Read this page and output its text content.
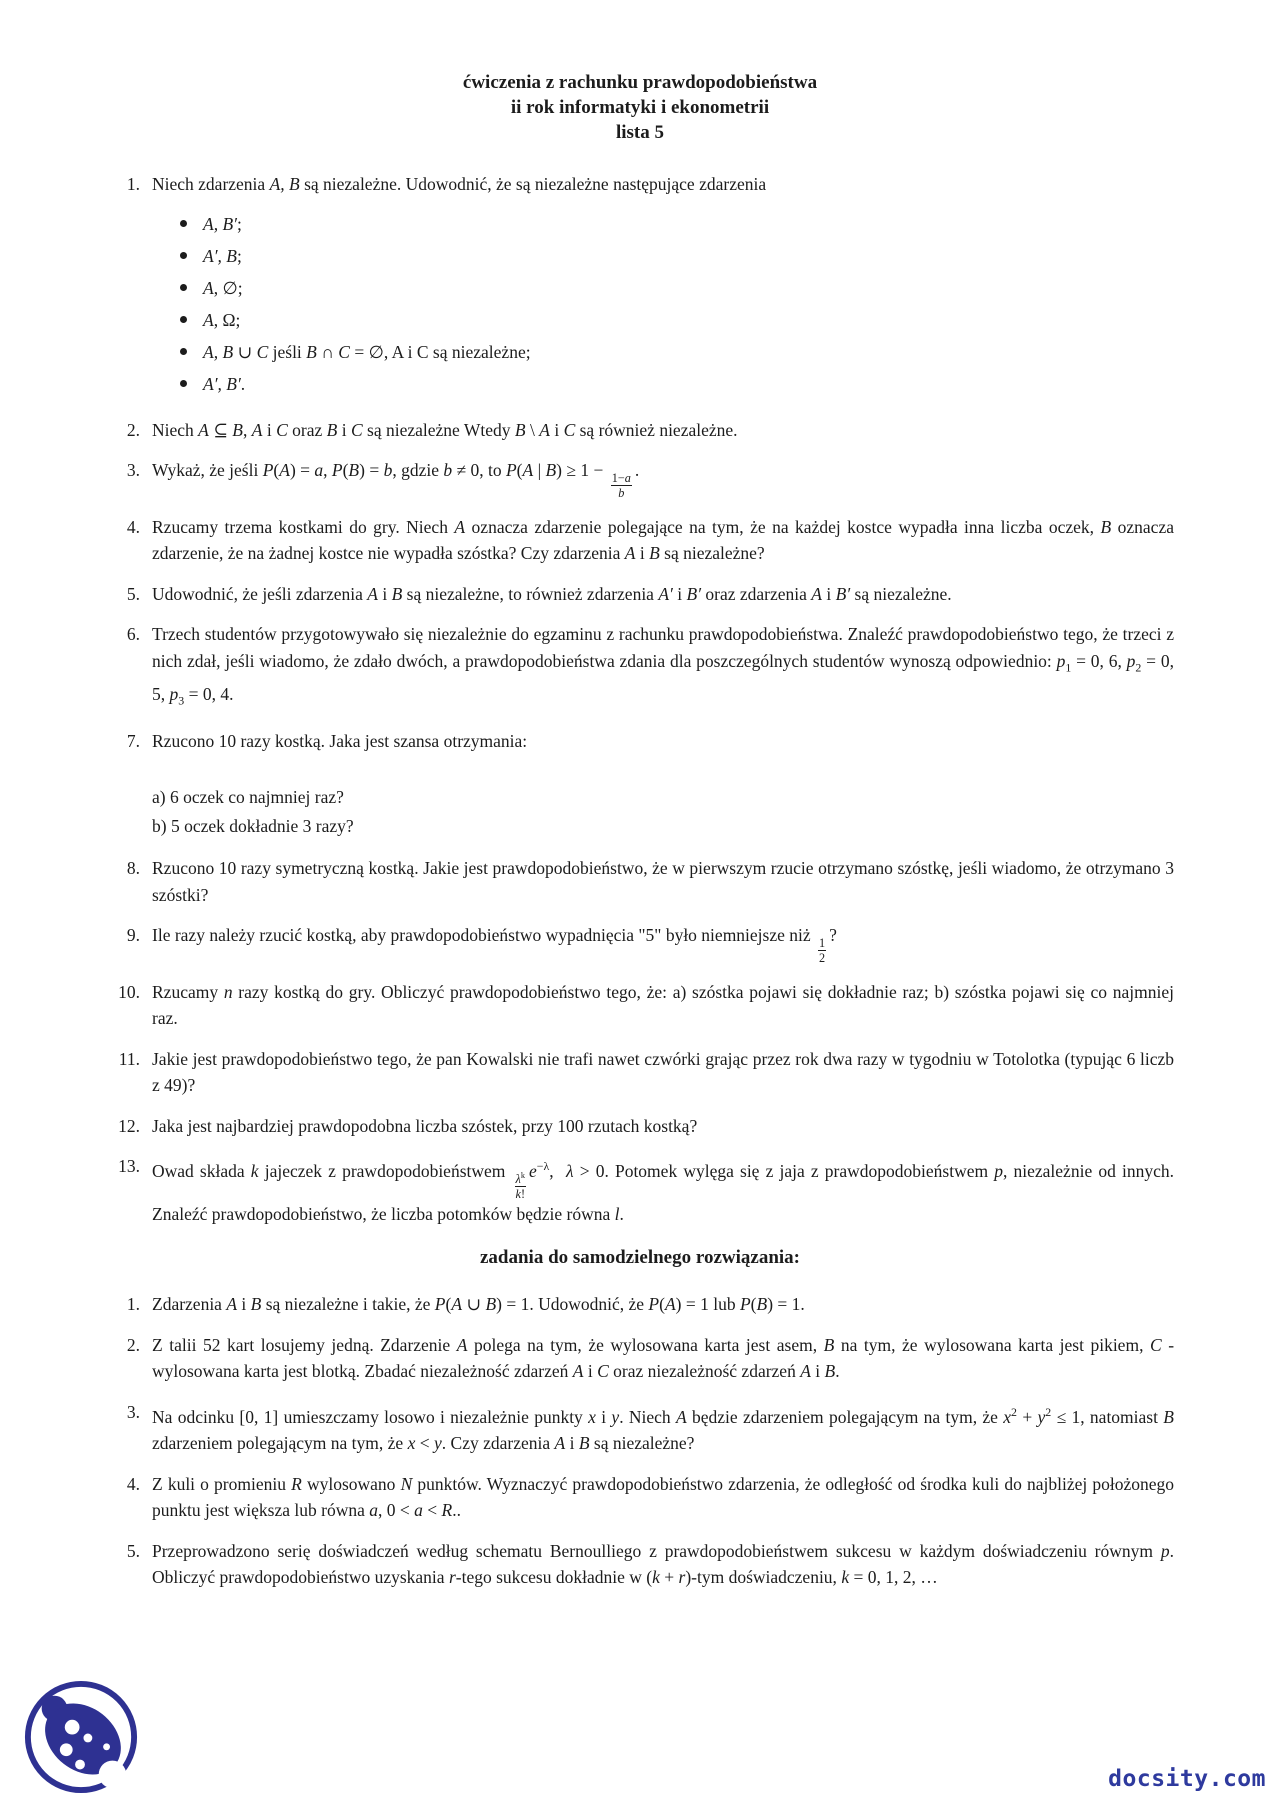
ćwiczenia z rachunku prawdopodobieństwa
ii rok informatyki i ekonometrii
lista 5
1. Niech zdarzenia A, B są niezależne. Udowodnić, że są niezależne następujące zdarzenia
A, B′;
A′, B;
A, ∅;
A, Ω;
A, B ∪ C jeśli B ∩ C = ∅, A i C są niezależne;
A′, B′.
2. Niech A ⊆ B, A i C oraz B i C są niezależne Wtedy B \ A i C są również niezależne.
3. Wykaż, że jeśli P(A) = a, P(B) = b, gdzie b ≠ 0, to P(A | B) ≥ 1 −
$\frac{1-a}{b}$
.
4. Rzucamy trzema kostkami do gry. Niech A oznacza zdarzenie polegające na tym, że na każdej kostce wypadła inna liczba oczek, B oznacza zdarzenie, że na żadnej kostce nie wypadła szóstka? Czy zdarzenia A i B są niezależne?
5. Udowodnić, że jeśli zdarzenia A i B są niezależne, to również zdarzenia A′ i B′ oraz zdarzenia A i B′ są niezależne.
6. Trzech studentów przygotowywało się niezależnie do egzaminu z rachunku prawdopodobieństwa. Znaleźć prawdopodobieństwo tego, że trzeci z nich zdał, jeśli wiadomo, że zdało dwóch, a prawdopodobieństwa zdania dla poszczególnych studentów wynoszą odpowiednio: $p_1 = 0$, 6, $p_2 = 0$, 5, $p_3 = 0$, 4.
7. Rzucono 10 razy kostką. Jaka jest szansa otrzymania:
a) 6 oczek co najmniej raz?
b) 5 oczek dokładnie 3 razy?
8. Rzucono 10 razy symetryczną kostką. Jakie jest prawdopodobieństwo, że w pierwszym rzucie otrzymano szóstkę, jeśli wiadomo, że otrzymano 3 szóstki?
9. Ile razy należy rzucić kostką, aby prawdopodobieństwo wypadnięcia "5" było niemniejsze niż
$\frac{1}{2}$
?
10. Rzucamy n razy kostką do gry. Obliczyć prawdopodobieństwo tego, że: a) szóstka pojawi się dokładnie raz; b) szóstka pojawi się co najmniej raz.
11. Jakie jest prawdopodobieństwo tego, że pan Kowalski nie trafi nawet czwórki grając przez rok dwa razy w tygodniu w Totolotka (typując 6 liczb z 49)?
12. Jaka jest najbardziej prawdopodobna liczba szóstek, przy 100 rzutach kostką?
13. Owad składa k jajeczek z prawdopodobieństwem $\frac{\lambda^k}{k!} e^{-\lambda}$,  λ > 0. Potomek wylęga się z jaja z prawdopodobieństwem p, niezależnie od innych. Znaleźć prawdopodobieństwo, że liczba potomków będzie równa l.
zadania do samodzielnego rozwiązania:
1. Zdarzenia A i B są niezależne i takie, że P(A ∪ B) = 1. Udowodnić, że P(A) = 1 lub P(B) = 1.
2. Z talii 52 kart losujemy jedną. Zdarzenie A polega na tym, że wylosowana karta jest asem, B na tym, że wylosowana karta jest pikiem, C - wylosowana karta jest blotką. Zbadać niezależność zdarzeń A i C oraz niezależność zdarzeń A i B.
3. Na odcinku [0, 1] umieszczamy losowo i niezależnie punkty x i y. Niech A będzie zdarzeniem polegającym na tym, że $x^2 + y^2 \le 1$, natomiast B zdarzeniem polegającym na tym, że x < y. Czy zdarzenia A i B są niezależne?
4. Z kuli o promieniu R wylosowano N punktów. Wyznaczyć prawdopodobieństwo zdarzenia, że odległość od środka kuli do najbliżej położonego punktu jest większa lub równa a, 0 < a < R..
5. Przeprowadzono serię doświadczeń według schematu Bernoulliego z prawdopodobieństwem sukcesu w każdym doświadczeniu równym p. Obliczyć prawdopodobieństwo uzyskania r-tego sukcesu dokładnie w (k + r)-tym doświadczeniu, k = 0, 1, 2, …
docsity.com
